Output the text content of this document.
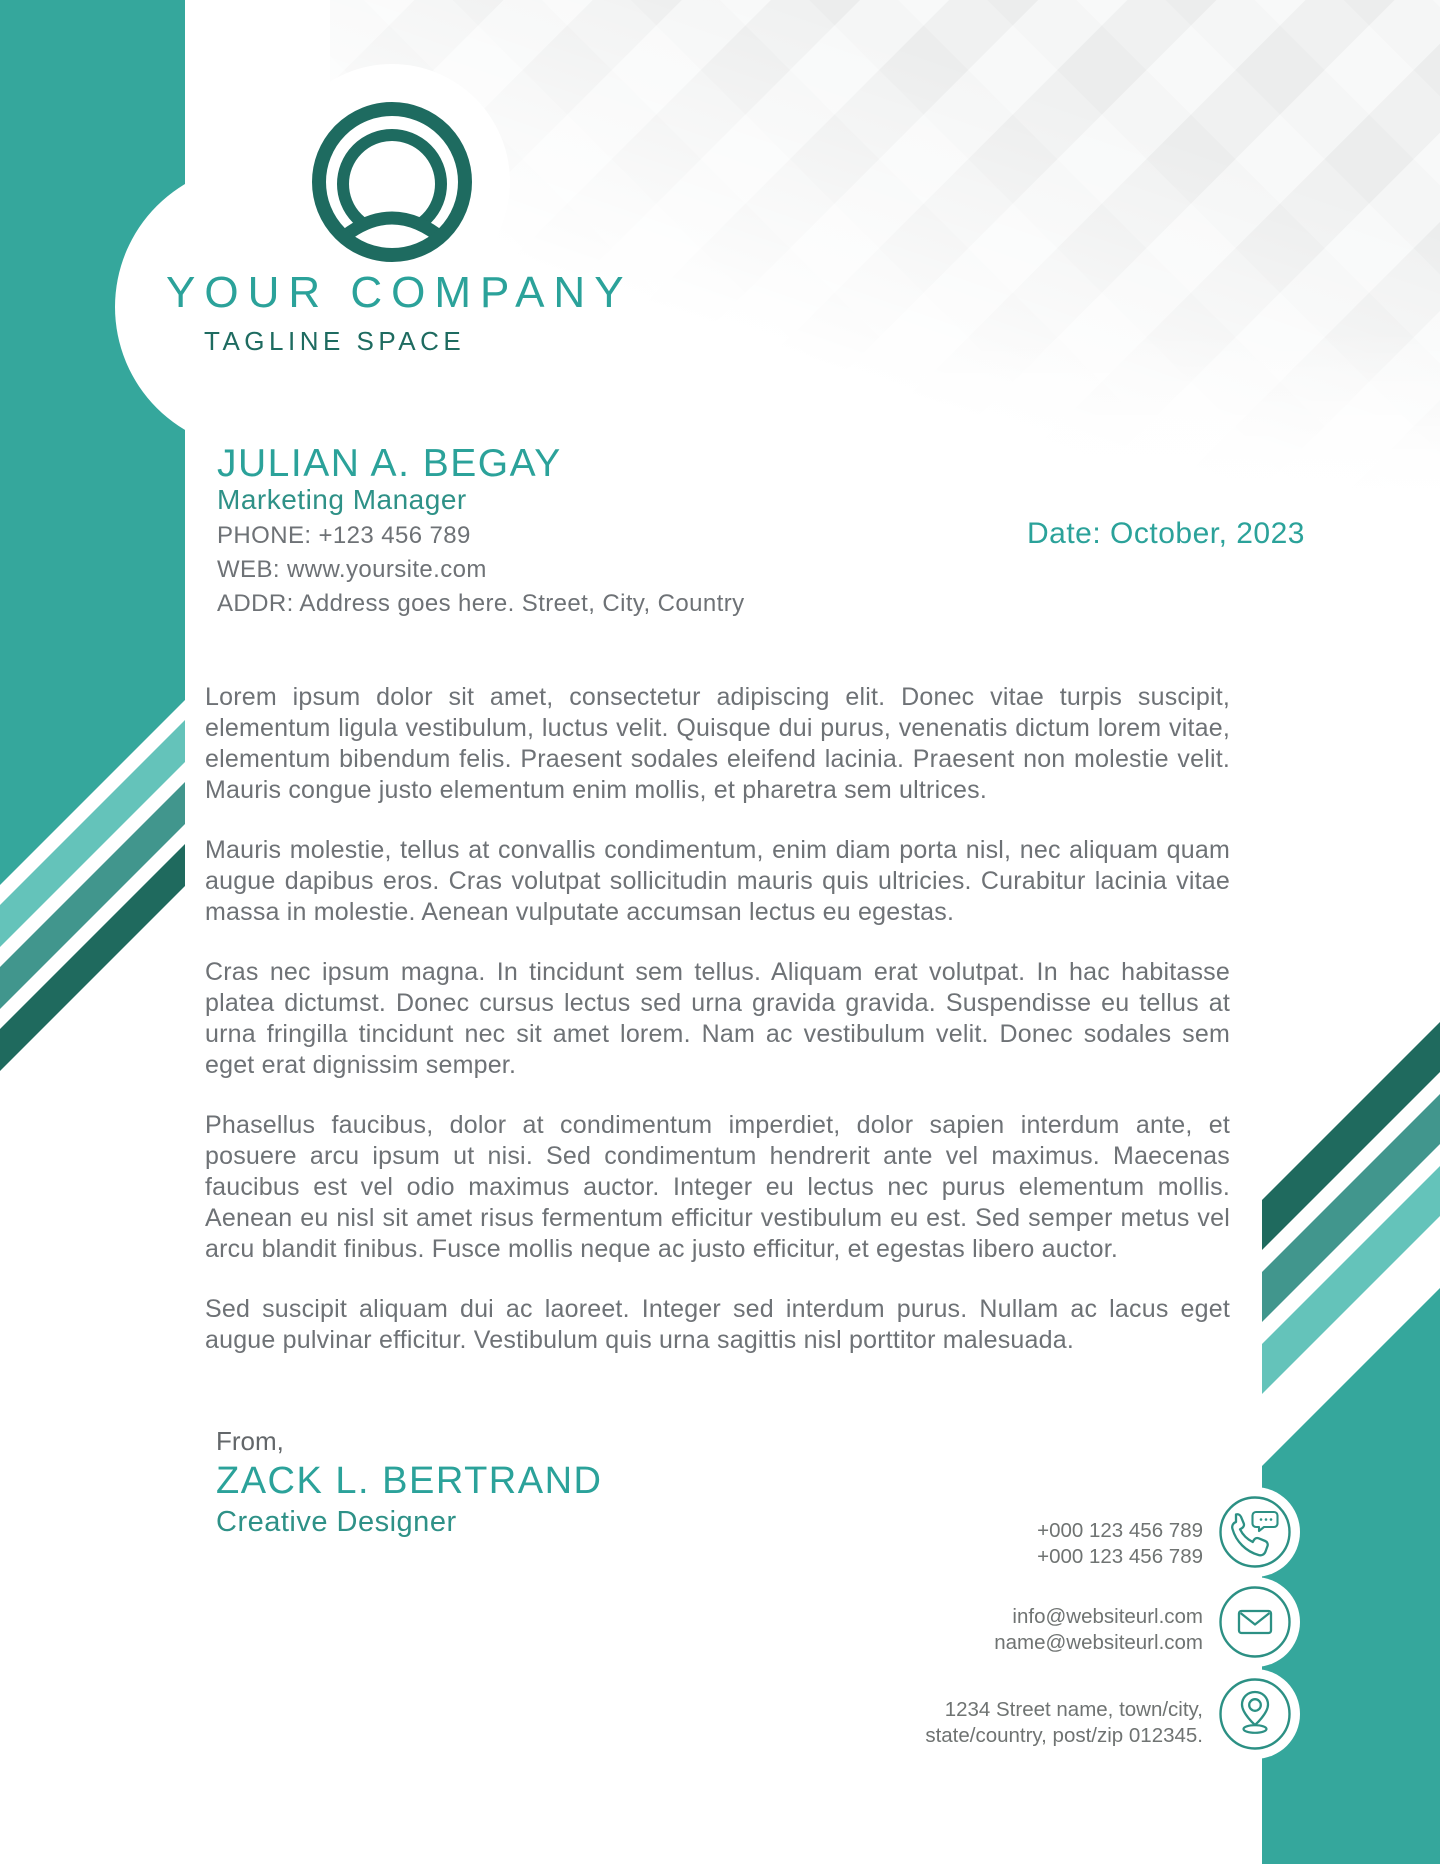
YOUR COMPANY
TAGLINE SPACE
JULIAN A. BEGAY
Marketing Manager
PHONE: +123 456 789
WEB: www.yoursite.com
ADDR: Address goes here. Street, City, Country
Date: October, 2023

Lorem ipsum dolor sit amet, consectetur adipiscing elit. Donec vitae turpis suscipit, elementum ligula vestibulum, luctus velit. Quisque dui purus, venenatis dictum lorem vitae, elementum bibendum felis. Praesent sodales eleifend lacinia. Praesent non molestie velit. Mauris congue justo elementum enim mollis, et pharetra sem ultrices.

Mauris molestie, tellus at convallis condimentum, enim diam porta nisl, nec aliquam quam augue dapibus eros. Cras volutpat sollicitudin mauris quis ultricies. Curabitur lacinia vitae massa in molestie. Aenean vulputate accumsan lectus eu egestas.

Cras nec ipsum magna. In tincidunt sem tellus. Aliquam erat volutpat. In hac habitasse platea dictumst. Donec cursus lectus sed urna gravida gravida. Suspendisse eu tellus at urna fringilla tincidunt nec sit amet lorem. Nam ac vestibulum velit. Donec sodales sem eget erat dignissim semper.

Phasellus faucibus, dolor at condimentum imperdiet, dolor sapien interdum ante, et posuere arcu ipsum ut nisi. Sed condimentum hendrerit ante vel maximus. Maecenas faucibus est vel odio maximus auctor. Integer eu lectus nec purus elementum mollis. Aenean eu nisl sit amet risus fermentum efficitur vestibulum eu est. Sed semper metus vel arcu blandit finibus. Fusce mollis neque ac justo efficitur, et egestas libero auctor.

Sed suscipit aliquam dui ac laoreet. Integer sed interdum purus. Nullam ac lacus eget augue pulvinar efficitur. Vestibulum quis urna sagittis nisl porttitor malesuada.

From,
ZACK L. BERTRAND
Creative Designer	+000 123 456 789
+000 123 456 789
info@websiteurl.com
name@websiteurl.com
1234 Street name, town/city,
state/country, post/zip 012345.
